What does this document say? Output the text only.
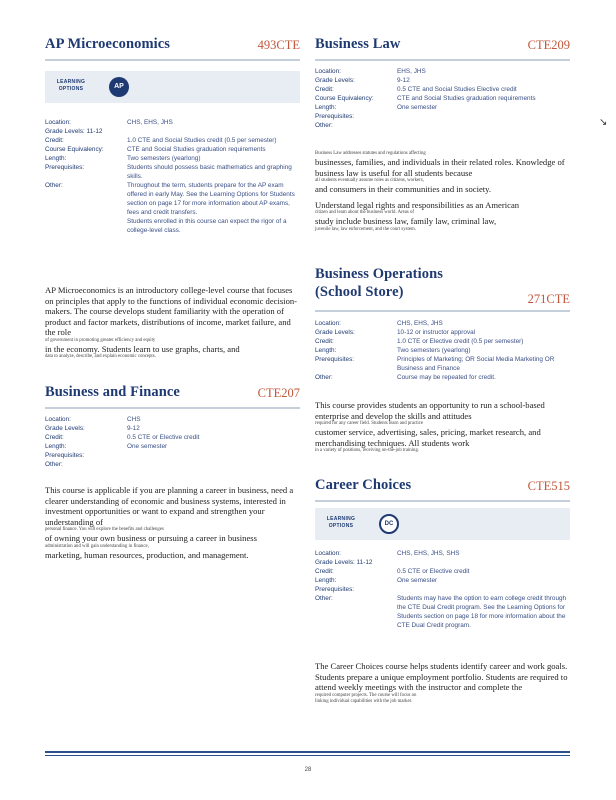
AP Microeconomics	493CTE
LEARNING
OPTIONS	AP
Location:	CHS, EHS, JHS
Grade Levels: 11-12
Credit:	1.0 CTE and Social Studies credit (0.5 per semester)
Course Equivalency:	CTE and Social Studies graduation requirements
Length:	Two semesters (yearlong)
Prerequisites:	Students should possess basic mathematics and graphing skills.
Other:	Throughout the term, students prepare for the AP exam offered in early May. See the Learning Options for Students section on page 17 for more information about AP exams, fees and credit transfers.
Students enrolled in this course can expect the rigor of a college-level class.
AP Microeconomics is an introductory college-level course that focuses on principles that apply to the functions of individual economic decision-makers. The course develops student familiarity with the operation of product and factor markets, distributions of income, market failure, and the role
of government in promoting greater efficiency and equity
in the economy. Students learn to use graphs, charts, and
data to analyze, describe, and explain economic concepts.
Business and Finance	CTE207
Location:	CHS
Grade Levels:	9-12
Credit:	0.5 CTE or Elective credit
Length:	One semester
Prerequisites:
Other:
This course is applicable if you are planning a career in business, need a clearer understanding of economic and business systems, interested in investment opportunities or want to expand and strengthen your understanding of
personal finance. You will explore the benefits and challenges
of owning your own business or pursuing a career in business
administration and will gain understanding in finance,
marketing, human resources, production, and management.
Business Law	CTE209
Location:	EHS, JHS
Grade Levels:	9-12
Credit:	0.5 CTE and Social Studies Elective credit
Course Equivalency:	CTE and Social Studies graduation requirements
Length:	One semester
Prerequisites:
Other:
Business Law addresses statutes and regulations affecting
businesses, families, and individuals in their related roles. Knowledge of business law is useful for all students because
all students eventually assume roles as citizens, workers,
and consumers in their communities and in society.
Understand legal rights and responsibilities as an American
citizen and learn about the business world. Areas of
study include business law, family law, criminal law,
juvenile law, law enforcement, and the court system.
Business Operations
(School Store)	271CTE
Location:	CHS, EHS, JHS
Grade Levels:	10-12 or instructor approval
Credit:	1.0 CTE or Elective credit (0.5 per semester)
Length:	Two semesters (yearlong)
Prerequisites:	Principles of Marketing; OR Social Media Marketing OR Business and Finance
Other:	Course may be repeated for credit.
This course provides students an opportunity to run a school-based enterprise and develop the skills and attitudes
required for any career field. Students learn and practice
customer service, advertising, sales, pricing, market research, and merchandising techniques. All students work
in a variety of positions, receiving on-the-job training.
Career Choices	CTE515
LEARNING
OPTIONS	DC
Location:	CHS, EHS, JHS, SHS
Grade Levels: 11-12
Credit:	0.5 CTE or Elective credit
Length:	One semester
Prerequisites:
Other:	Students may have the option to earn college credit through the CTE Dual Credit program. See the Learning Options for Students section on page 18 for more information about the CTE Dual Credit program.
The Career Choices course helps students identify career and work goals. Students prepare a unique employment portfolio. Students are required to attend weekly meetings with the instructor and complete the
required computer projects. The course will focus on
linking individual capabilities with the job market.
↘
28
